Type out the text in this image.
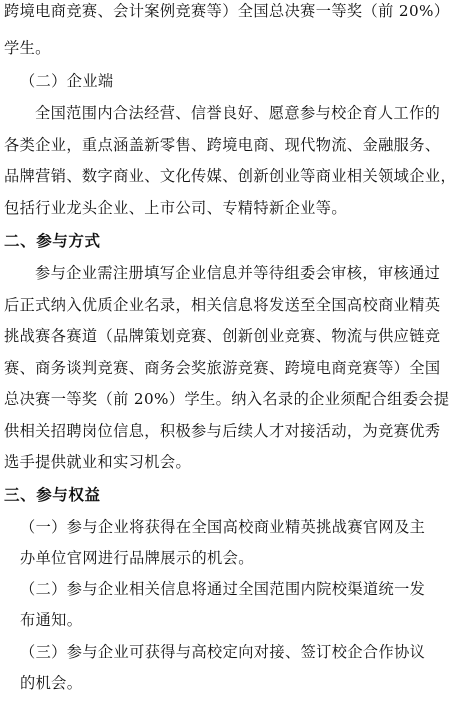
跨境电商竞赛、会计案例竞赛等）全国总决赛一等奖（前 20%）
学生。
（二）企业端
全国范围内合法经营、信誉良好、愿意参与校企育人工作的
各类企业，重点涵盖新零售、跨境电商、现代物流、金融服务、
品牌营销、数字商业、文化传媒、创新创业等商业相关领域企业，
包括行业龙头企业、上市公司、专精特新企业等。
二、参与方式
参与企业需注册填写企业信息并等待组委会审核，审核通过
后正式纳入优质企业名录，相关信息将发送至全国高校商业精英
挑战赛各赛道（品牌策划竞赛、创新创业竞赛、物流与供应链竞
赛、商务谈判竞赛、商务会奖旅游竞赛、跨境电商竞赛等）全国
总决赛一等奖（前 20%）学生。纳入名录的企业须配合组委会提
供相关招聘岗位信息，积极参与后续人才对接活动，为竞赛优秀
选手提供就业和实习机会。
三、参与权益
（一）参与企业将获得在全国高校商业精英挑战赛官网及主
办单位官网进行品牌展示的机会。
（二）参与企业相关信息将通过全国范围内院校渠道统一发
布通知。
（三）参与企业可获得与高校定向对接、签订校企合作协议
的机会。
